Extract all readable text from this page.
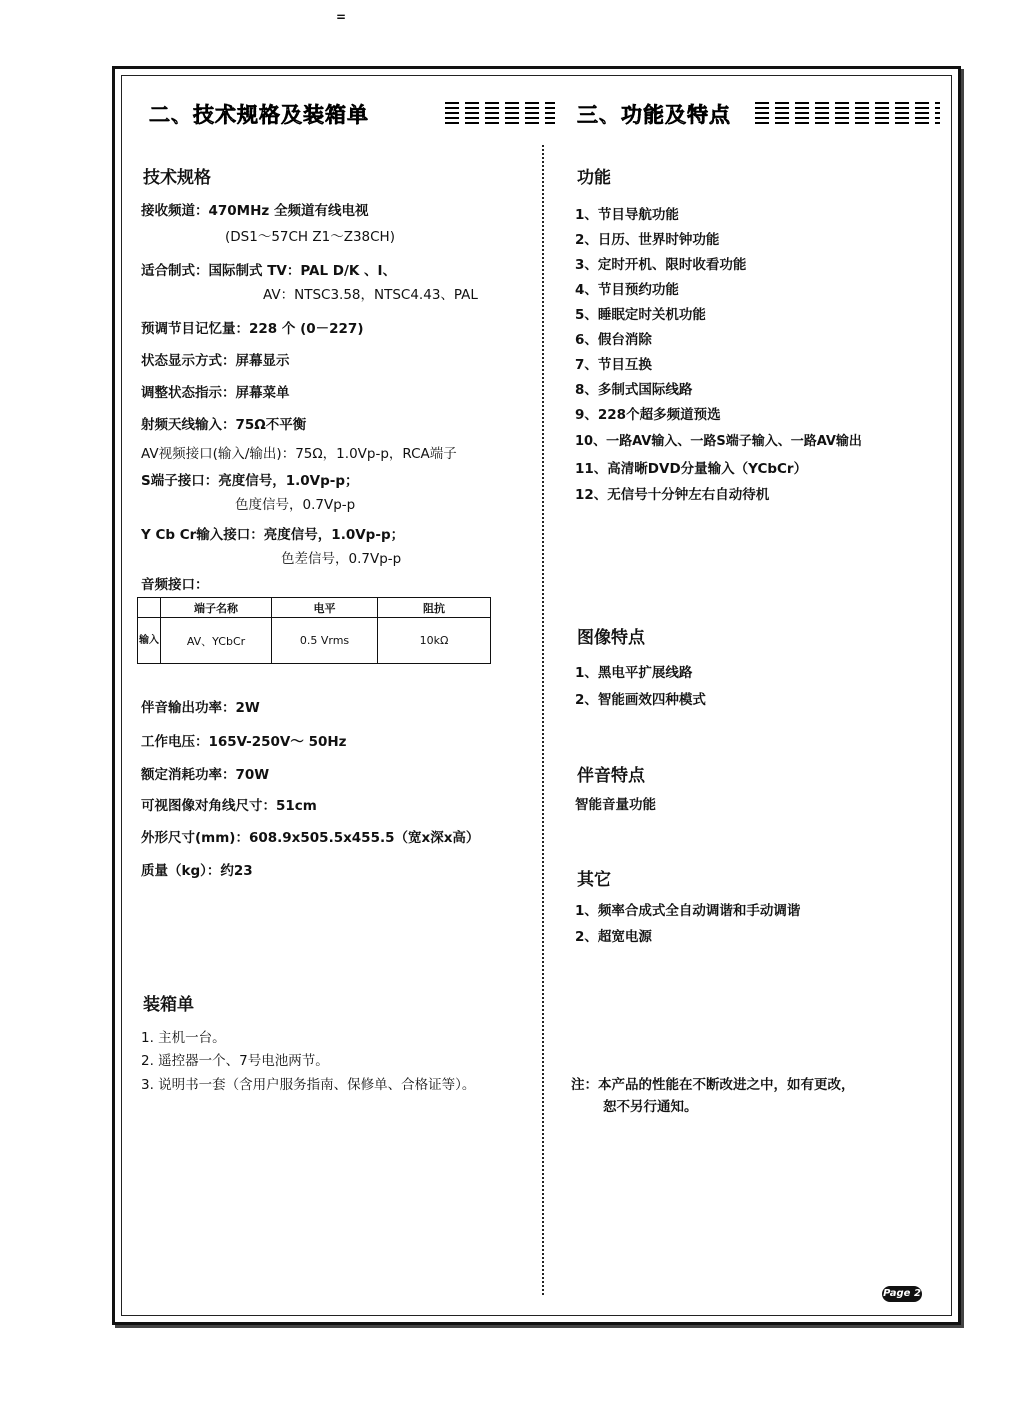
=
二、技术规格及装箱单	三、功能及特点
技术规格
接收频道：470MHz 全频道有线电视
(DS1～57CH Z1～Z38CH)
适合制式：国际制式 TV：PAL D/K 、I、
AV：NTSC3.58，NTSC4.43、PAL
预调节目记忆量：228 个 (0－227)
状态显示方式：屏幕显示
调整状态指示：屏幕菜单
射频天线输入：75Ω不平衡
AV视频接口(输入/输出)：75Ω，1.0Vp-p，RCA端子
S端子接口：亮度信号，1.0Vp-p；
色度信号，0.7Vp-p
Y Cb Cr输入接口：亮度信号，1.0Vp-p；
色差信号，0.7Vp-p
音频接口：
	端子名称	电平	阻抗
输入	AV、YCbCr	0.5 Vrms	10kΩ
伴音输出功率：2W
工作电压：165V-250V～ 50Hz
额定消耗功率：70W
可视图像对角线尺寸：51cm
外形尺寸(mm)：608.9x505.5x455.5（宽x深x高）
质量（kg）：约23
装箱单
1. 主机一台。
2. 遥控器一个、7号电池两节。
3. 说明书一套（含用户服务指南、保修单、合格证等）。
功能
1、节目导航功能
2、日历、世界时钟功能
3、定时开机、限时收看功能
4、节目预约功能
5、睡眠定时关机功能
6、假台消除
7、节目互换
8、多制式国际线路
9、228个超多频道预选
10、一路AV输入、一路S端子输入、一路AV输出
11、高清晰DVD分量输入（YCbCr）
12、无信号十分钟左右自动待机
图像特点
1、黑电平扩展线路
2、智能画效四种模式
伴音特点
智能音量功能
其它
1、频率合成式全自动调谐和手动调谐
2、超宽电源
注：本产品的性能在不断改进之中，如有更改，
恕不另行通知。
Page 2
